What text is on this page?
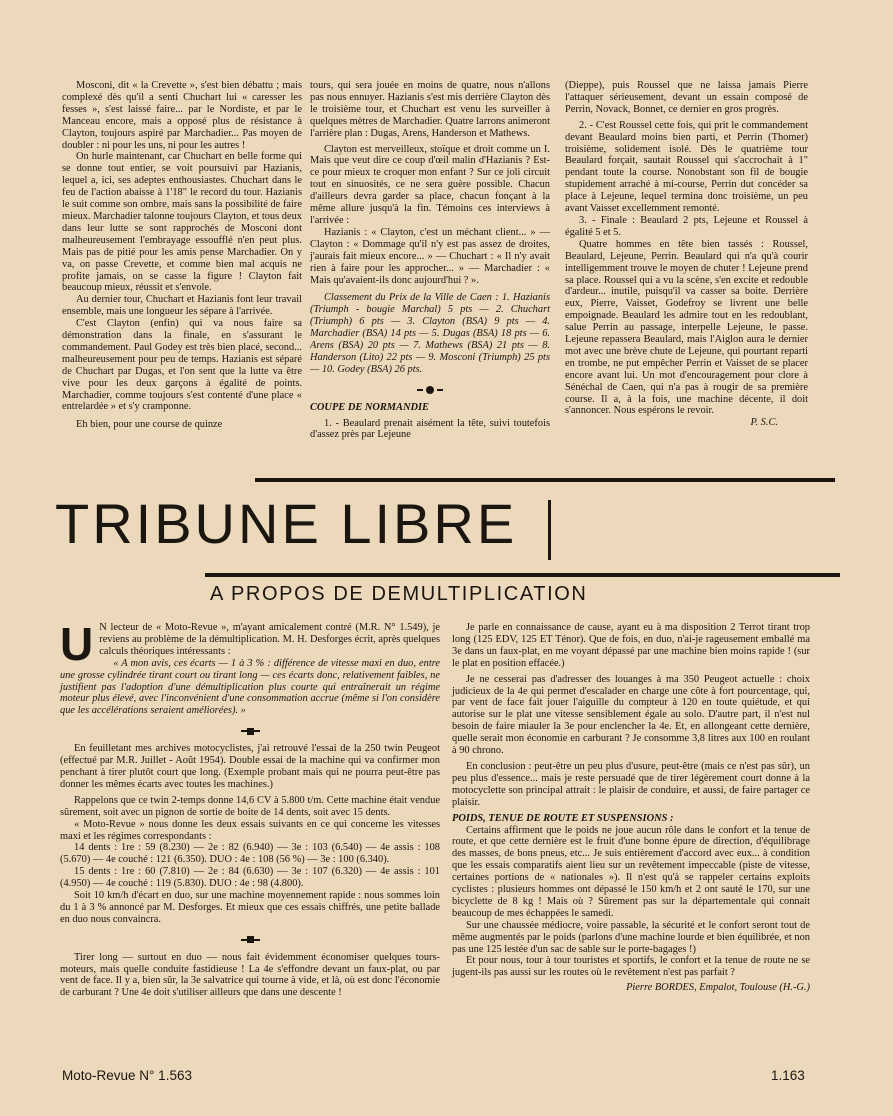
Mosconi, dit « la Crevette », s'est bien débattu ; mais complexé dès qu'il a senti Chuchart lui « caresser les fesses », s'est laissé faire... par le Nordiste, et par le Manceau encore, mais a opposé plus de résistance à Clayton, toujours aspiré par Marchadier... Pas moyen de doubler : ni pour les uns, ni pour les autres !

On hurle maintenant, car Chuchart en belle forme qui se donne tout entier, se voit poursuivi par Hazianis, lequel a, ici, ses adeptes enthousiastes. Chuchart dans le feu de l'action abaisse à 1'18" le record du tour. Hazianis le suit comme son ombre, mais sans la possibilité de faire mieux. Marchadier talonne toujours Clayton, et tous deux dans leur lutte se sont rapprochés de Mosconi dont malheureusement l'embrayage essoufflé n'en peut plus. Mais pas de pitié pour les amis pense Marchadier. On y va, on passe Crevette, et comme bien mal acquis ne profite jamais, on se casse la figure ! Clayton fait beaucoup mieux, réussit et s'envole.

Au dernier tour, Chuchart et Hazianis font leur travail ensemble, mais une longueur les sépare à l'arrivée.

C'est Clayton (enfin) qui va nous faire sa démonstration dans la finale, en s'assurant le commandement. Paul Godey est très bien placé, second... malheureusement pour peu de temps. Hazianis est séparé de Chuchart par Dugas, et l'on sent que la lutte va être vive pour les deux garçons à égalité de points. Marchadier, comme toujours s'est contenté d'une place « entrelardée » et s'y cramponne.

Eh bien, pour une course de quinze

tours, qui sera jouée en moins de quatre, nous n'allons pas nous ennuyer. Hazianis s'est mis derrière Clayton dès le troisième tour, et Chuchart est venu les surveiller à quelques mètres de Marchadier. Quatre larrons animeront l'arrière plan : Dugas, Arens, Handerson et Mathews.

Clayton est merveilleux, stoïque et droit comme un I. Mais que veut dire ce coup d'œil malin d'Hazianis ? Est-ce pour mieux te croquer mon enfant ? Sur ce joli circuit tout en sinuosités, ce ne sera guère possible. Chacun d'ailleurs devra garder sa place, chacun fonçant à la même allure jusqu'à la fin. Témoins ces interviews à l'arrivée :

Hazianis : « Clayton, c'est un méchant client... » — Clayton : « Dommage qu'il n'y est pas assez de droites, j'aurais fait mieux encore... » — Chuchart : « Il n'y avait rien à faire pour les approcher... » — Marchadier : « Mais qu'avaient-ils donc aujourd'hui ? ».

Classement du Prix de la Ville de Caen : 1. Hazianis (Triumph - bougie Marchal) 5 pts — 2. Chuchart (Triumph) 6 pts — 3. Clayton (BSA) 9 pts — 4. Marchadier (BSA) 14 pts — 5. Dugas (BSA) 18 pts — 6. Arens (BSA) 20 pts — 7. Mathews (BSA) 21 pts — 8. Handerson (Lito) 22 pts — 9. Mosconi (Triumph) 25 pts — 10. Godey (BSA) 26 pts.

COUPE DE NORMANDIE

1. - Beaulard prenait aisément la tête, suivi toutefois d'assez près par Lejeune

(Dieppe), puis Roussel que ne laissa jamais Pierre l'attaquer sérieusement, devant un essain composé de Perrin, Novack, Bonnet, ce dernier en gros progrès.

2. - C'est Roussel cette fois, qui prit le commandement devant Beaulard moins bien parti, et Perrin (Thomer) troisième, solidement isolé. Dès le quatrième tour Beaulard forçait, sautait Roussel qui s'accrochait à 1" pendant toute la course. Nonobstant son fil de bougie stupidement arraché à mi-course, Perrin dut concéder sa place à Lejeune, lequel termina donc troisième, un peu avant Vaisset excellemment remonté.

3. - Finale : Beaulard 2 pts, Lejeune et Roussel à égalité 5 et 5.

Quatre hommes en tête bien tassés : Roussel, Beaulard, Lejeune, Perrin. Beaulard qui n'a qu'à courir intelligemment trouve le moyen de chuter ! Lejeune prend sa place. Roussel qui a vu la scène, s'en excite et redouble d'ardeur... inutile, puisqu'il va casser sa boite. Derrière eux, Pierre, Vaisset, Godefroy se livrent une belle empoignade. Beaulard les admire tout en les redoublant, salue Perrin au passage, interpelle Lejeune, le passe. Lejeune repassera Beaulard, mais l'Aiglon aura le dernier mot avec une brève chute de Lejeune, qui pourtant reparti en trombe, ne put empêcher Perrin et Vaisset de se placer encore avant lui. Un mot d'encouragement pour clore à Sénéchal de Caen, qui n'a pas à rougir de sa première course. Il a, à la fois, une machine décente, il doit s'annoncer. Nous espérons le revoir.

P. S.C.

TRIBUNE LIBRE
A PROPOS DE DEMULTIPLICATION

U N lecteur de « Moto-Revue », m'ayant amicalement contré (M.R. N° 1.549), je reviens au problème de la démultiplication. M. H. Desforges écrit, après quelques calculs théoriques intéressants :

« A mon avis, ces écarts — 1 à 3 % : différence de vitesse maxi en duo, entre une grosse cylindrée tirant court ou tirant long — ces écarts donc, relativement faibles, ne justifient pas l'adoption d'une démultiplication plus courte qui entraînerait un régime moteur plus élevé, avec l'inconvénient d'une consommation accrue (même si l'on considère que les accélérations seraient améliorées). »

En feuilletant mes archives motocyclistes, j'ai retrouvé l'essai de la 250 twin Peugeot (effectué par M.R. Juillet - Août 1954). Double essai de la machine qui va confirmer mon penchant à tirer plutôt court que long. (Exemple probant mais qui ne pourra peut-être pas donner les mêmes écarts avec toutes les machines.)

Rappelons que ce twin 2-temps donne 14,6 CV à 5.800 t/m. Cette machine était vendue sûrement, soit avec un pignon de sortie de boite de 14 dents, soit avec 15 dents.

« Moto-Revue » nous donne les deux essais suivants en ce qui concerne les vitesses maxi et les régimes correspondants :

14 dents : 1re : 59 (8.230) — 2e : 82 (6.940) — 3e : 103 (6.540) — 4e assis : 108 (5.670) — 4e couché : 121 (6.350). DUO : 4e : 108 (56 %) — 3e : 100 (6.340).

15 dents : 1re : 60 (7.810) — 2e : 84 (6.630) — 3e : 107 (6.320) — 4e assis : 101 (4.950) — 4e couché : 119 (5.830). DUO : 4e : 98 (4.800).

Soit 10 km/h d'écart en duo, sur une machine moyennement rapide : nous sommes loin du 1 à 3 % annoncé par M. Desforges. Et mieux que ces essais chiffrés, une petite ballade en duo nous convaincra.

Tirer long — surtout en duo — nous fait évidemment économiser quelques tours-moteurs, mais quelle conduite fastidieuse ! La 4e s'effondre devant un faux-plat, ou par vent de face. Il y a, bien sûr, la 3e salvatrice qui tourne à vide, et là, où est donc l'économie de carburant ? Une 4e doit s'utiliser ailleurs que dans une descente !

Je parle en connaissance de cause, ayant eu à ma disposition 2 Terrot tirant trop long (125 EDV, 125 ET Ténor). Que de fois, en duo, n'ai-je rageusement emballé ma 3e dans un faux-plat, en me voyant dépassé par une machine bien moins rapide ! (sur le plat en position effacée.)

Je ne cesserai pas d'adresser des louanges à ma 350 Peugeot actuelle : choix judicieux de la 4e qui permet d'escalader en charge une côte à fort pourcentage, qui, par vent de face fait jouer l'aiguille du compteur à 120 en toute quiétude, et qui autorise sur le plat une vitesse sensiblement égale au solo. D'autre part, il n'est nul besoin de faire miauler la 3e pour enclencher la 4e. Et, en allongeant cette dernière, quelle serait mon économie en carburant ? Je consomme 3,8 litres aux 100 en roulant à 90 chrono.

En conclusion : peut-être un peu plus d'usure, peut-être (mais ce n'est pas sûr), un peu plus d'essence... mais je reste persuadé que de tirer légèrement court donne à la motocyclette son principal attrait : le plaisir de conduire, et aussi, de faire partager ce plaisir.

POIDS, TENUE DE ROUTE ET SUSPENSIONS :

Certains affirment que le poids ne joue aucun rôle dans le confort et la tenue de route, et que cette dernière est le fruit d'une bonne épure de direction, d'équilibrage des masses, de bons pneus, etc... Je suis entièrement d'accord avec eux... à condition que les essais comparatifs aient lieu sur un revêtement impeccable (piste de vitesse, certaines portions de « nationales »). Il n'est qu'à se rappeler certains exploits cyclistes : plusieurs hommes ont dépassé le 150 km/h et 2 ont sauté le 170, sur une bicyclette de 8 kg ! Mais où ? Sûrement pas sur la départementale qui connait beaucoup de mes échappées le samedi.

Sur une chaussée médiocre, voire passable, la sécurité et le confort seront tout de même augmentés par le poids (parlons d'une machine lourde et bien équilibrée, et non pas une 125 lestée d'un sac de sable sur le porte-bagages !)

Et pour nous, tour à tour touristes et sportifs, le confort et la tenue de route ne se jugent-ils pas aussi sur les routes où le revêtement n'est pas parfait ?

Pierre BORDES, Empalot, Toulouse (H.-G.)

Moto-Revue N° 1.563	1.163
